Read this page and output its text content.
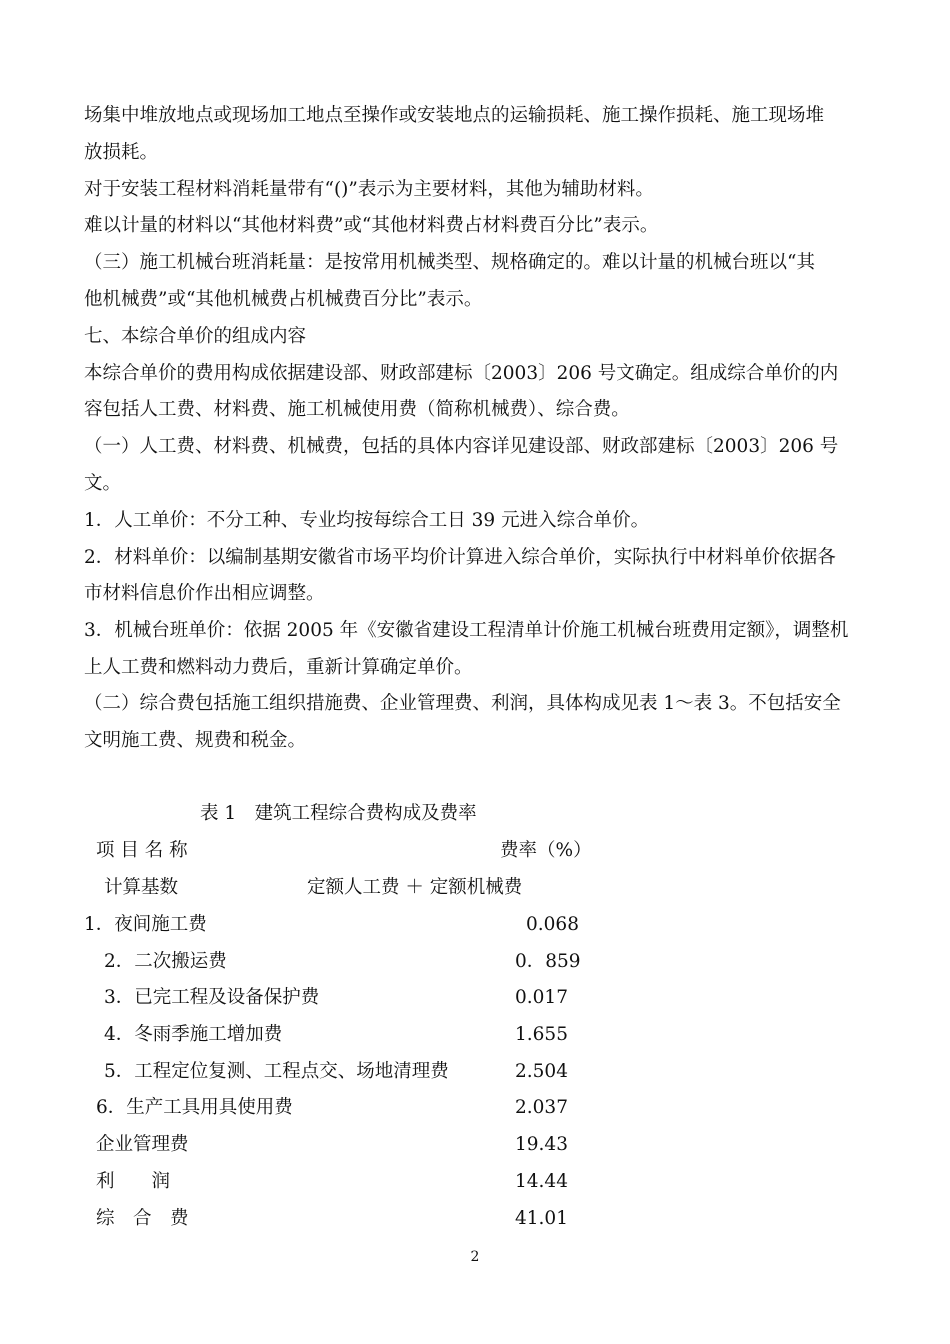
场集中堆放地点或现场加工地点至操作或安装地点的运输损耗、施工操作损耗、施工现场堆
放损耗。
对于安装工程材料消耗量带有“()”表示为主要材料，其他为辅助材料。
难以计量的材料以“其他材料费”或“其他材料费占材料费百分比”表示。
（三）施工机械台班消耗量：是按常用机械类型、规格确定的。难以计量的机械台班以“其
他机械费”或“其他机械费占机械费百分比”表示。
七、本综合单价的组成内容
本综合单价的费用构成依据建设部、财政部建标〔2003〕206 号文确定。组成综合单价的内
容包括人工费、材料费、施工机械使用费（简称机械费）、综合费。
（一）人工费、材料费、机械费，包括的具体内容详见建设部、财政部建标〔2003〕206 号
文。
1．人工单价：不分工种、专业均按每综合工日 39 元进入综合单价。
2．材料单价：以编制基期安徽省市场平均价计算进入综合单价，实际执行中材料单价依据各
市材料信息价作出相应调整。
3．机械台班单价：依据 2005 年《安徽省建设工程清单计价施工机械台班费用定额》，调整机
上人工费和燃料动力费后，重新计算确定单价。
（二）综合费包括施工组织措施费、企业管理费、利润，具体构成见表 1～表 3。不包括安全
文明施工费、规费和税金。
表 1　建筑工程综合费构成及费率
项 目 名 称	费率（%）
计算基数	定额人工费 ＋ 定额机械费
1．夜间施工费	0.068
2．二次搬运费	0．859
3．已完工程及设备保护费	0.017
4．冬雨季施工增加费	1.655
5．工程定位复测、工程点交、场地清理费	2.504
6．生产工具用具使用费	2.037
企业管理费	19.43
利　　润	14.44
综　合　费	41.01
2
